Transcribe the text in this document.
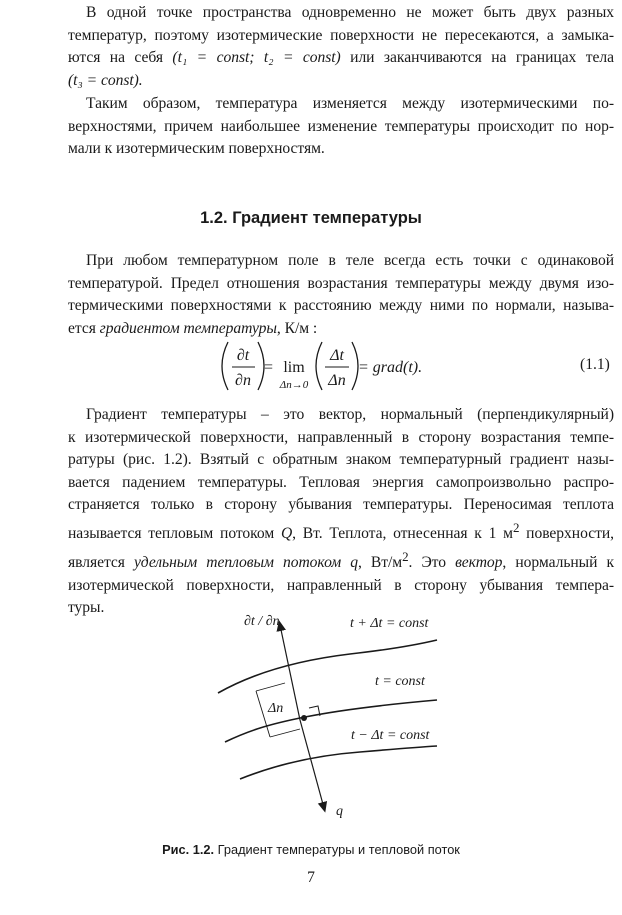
В одной точке пространства одновременно не может быть двух разных
температур, поэтому изотермические поверхности не пересекаются, а замыка-
ются на себя (t₁ = const; t₂ = const) или заканчиваются на границах тела
(t₃ = const).
Таким образом, температура изменяется между изотермическими по-
верхностями, причем наибольшее изменение температуры происходит по нор-
мали к изотермическим поверхностям.
1.2. Градиент температуры
При любом температурном поле в теле всегда есть точки с одинаковой
температурой. Предел отношения возрастания температуры между двумя изо-
термическими поверхностями к расстоянию между ними по нормали, называ-
ется градиентом температуры, К/м :
∂t
∂n
= lim
Δn→0
Δt
Δn
= grad(t).	(1.1)
Градиент температуры – это вектор, нормальный (перпендикулярный)
к изотермической поверхности, направленный в сторону возрастания темпе-
ратуры (рис. 1.2). Взятый с обратным знаком температурный градиент назы-
вается падением температуры. Тепловая энергия самопроизвольно распро-
страняется только в сторону убывания температуры. Переносимая теплота
называется тепловым потоком Q, Вт. Теплота, отнесенная к 1 $м^2$ поверхности,
является удельным тепловым потоком q, $Вт/м^2$. Это вектор, нормальный к
изотермической поверхности, направленный в сторону убывания темпера-
туры.
∂t / ∂n	t + Δt = const
t = const
t − Δt = const
Δn
q
Рис. 1.2. Градиент температуры и тепловой поток
7
